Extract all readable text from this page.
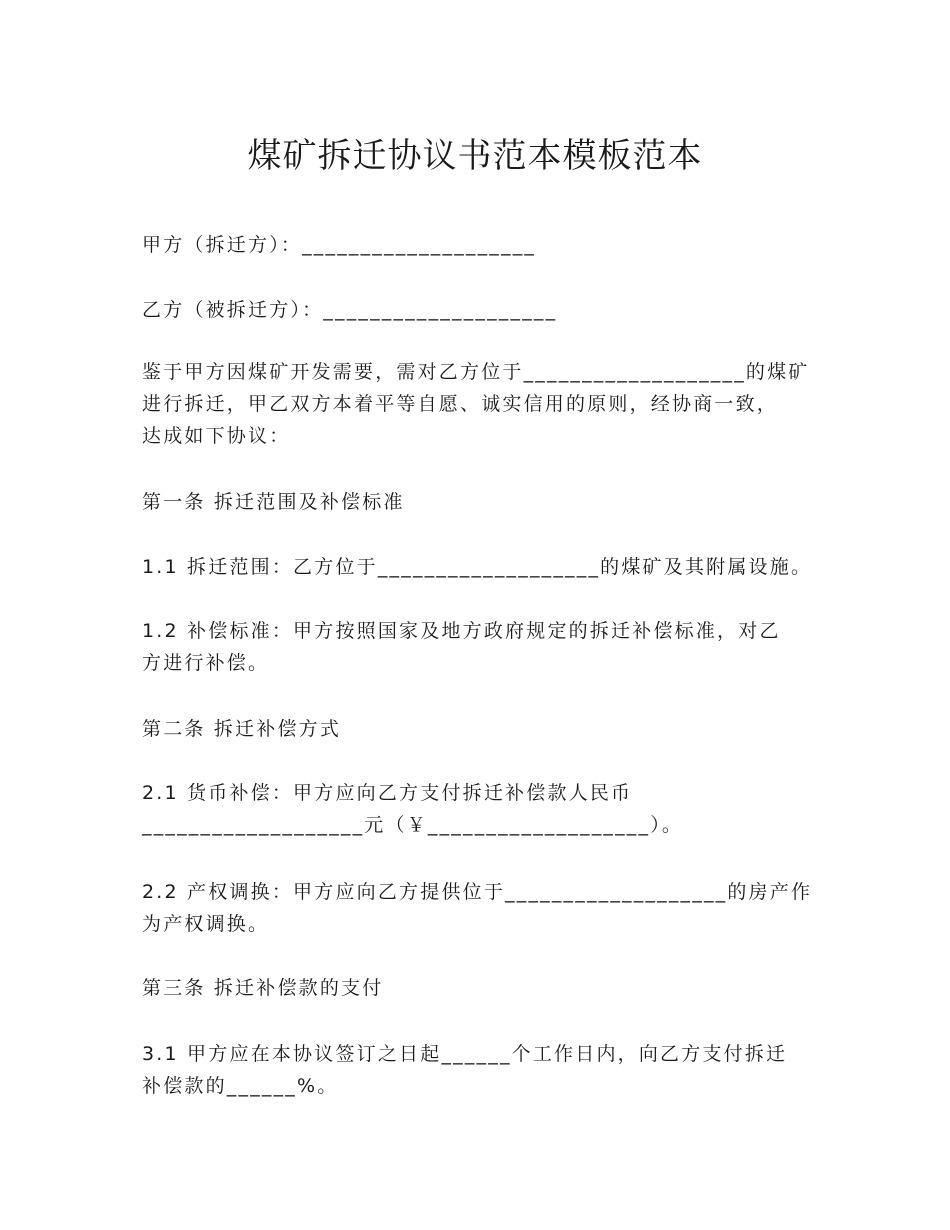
煤矿拆迁协议书范本模板范本
甲方（拆迁方）：____________________
乙方（被拆迁方）：____________________
鉴于甲方因煤矿开发需要，需对乙方位于___________________的煤矿
进行拆迁，甲乙双方本着平等自愿、诚实信用的原则，经协商一致，
达成如下协议：
第一条 拆迁范围及补偿标准
1.1 拆迁范围：乙方位于___________________的煤矿及其附属设施。
1.2 补偿标准：甲方按照国家及地方政府规定的拆迁补偿标准，对乙
方进行补偿。
第二条 拆迁补偿方式
2.1 货币补偿：甲方应向乙方支付拆迁补偿款人民币
___________________元（￥___________________）。
2.2 产权调换：甲方应向乙方提供位于___________________的房产作
为产权调换。
第三条 拆迁补偿款的支付
3.1 甲方应在本协议签订之日起______个工作日内，向乙方支付拆迁
补偿款的______%。
